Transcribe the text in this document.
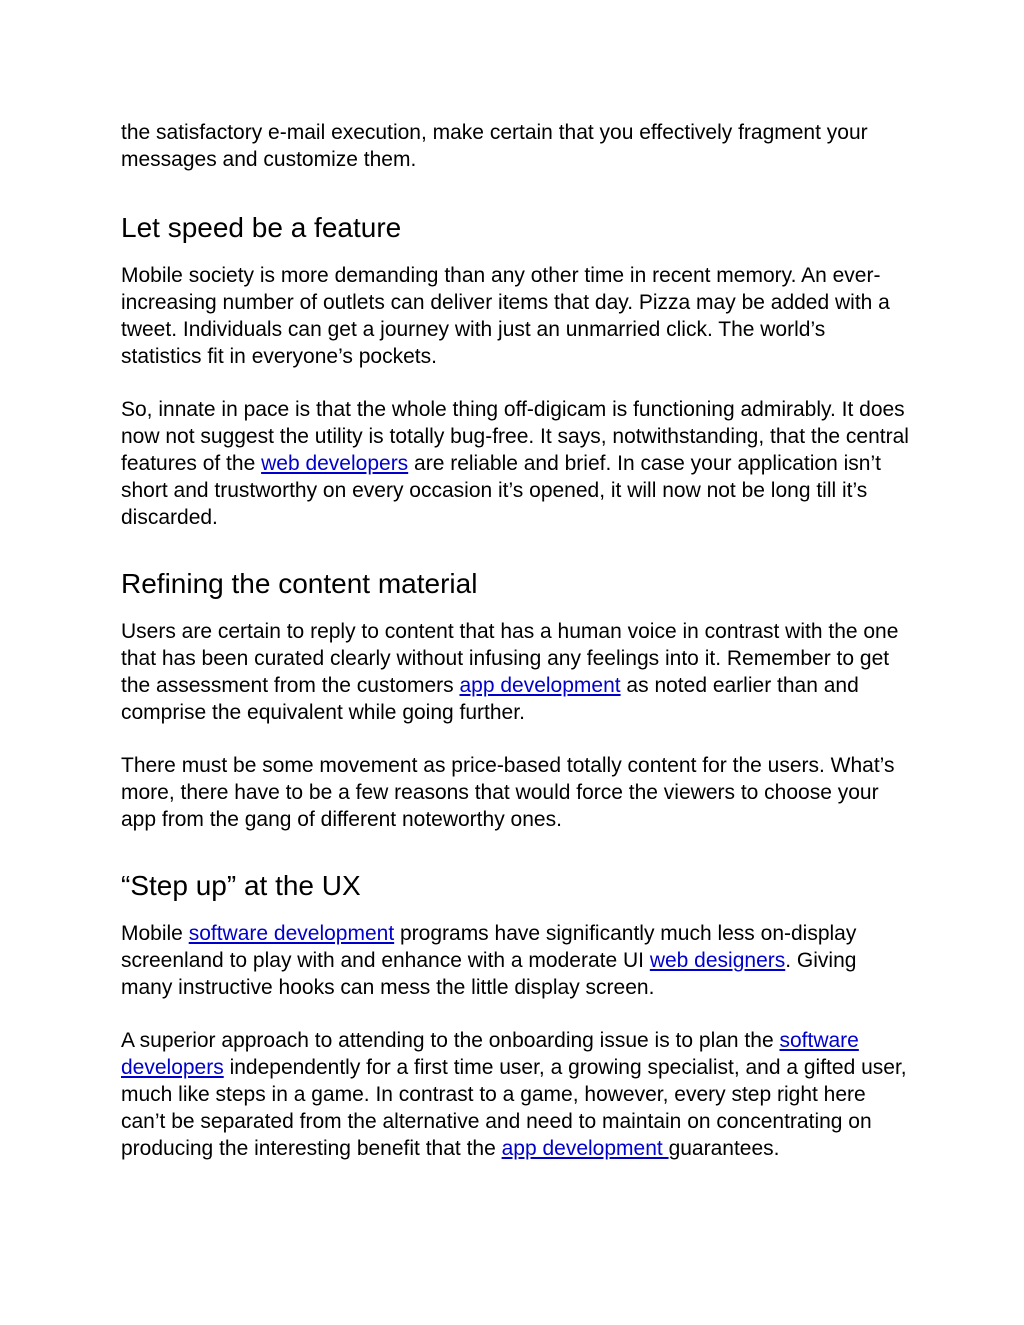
the satisfactory e-mail execution, make certain that you effectively fragment your messages and customize them.

Let speed be a feature

Mobile society is more demanding than any other time in recent memory. An ever-increasing number of outlets can deliver items that day. Pizza may be added with a tweet. Individuals can get a journey with just an unmarried click. The world’s statistics fit in everyone’s pockets.

So, innate in pace is that the whole thing off-digicam is functioning admirably. It does now not suggest the utility is totally bug-free. It says, notwithstanding, that the central features of the web developers are reliable and brief. In case your application isn’t short and trustworthy on every occasion it’s opened, it will now not be long till it’s discarded.

Refining the content material

Users are certain to reply to content that has a human voice in contrast with the one that has been curated clearly without infusing any feelings into it. Remember to get the assessment from the customers app development as noted earlier than and comprise the equivalent while going further.

There must be some movement as price-based totally content for the users. What’s more, there have to be a few reasons that would force the viewers to choose your app from the gang of different noteworthy ones.

“Step up” at the UX

Mobile software development programs have significantly much less on-display screenland to play with and enhance with a moderate UI web designers. Giving many instructive hooks can mess the little display screen.

A superior approach to attending to the onboarding issue is to plan the software developers independently for a first time user, a growing specialist, and a gifted user, much like steps in a game. In contrast to a game, however, every step right here can’t be separated from the alternative and need to maintain on concentrating on producing the interesting benefit that the app development guarantees.
